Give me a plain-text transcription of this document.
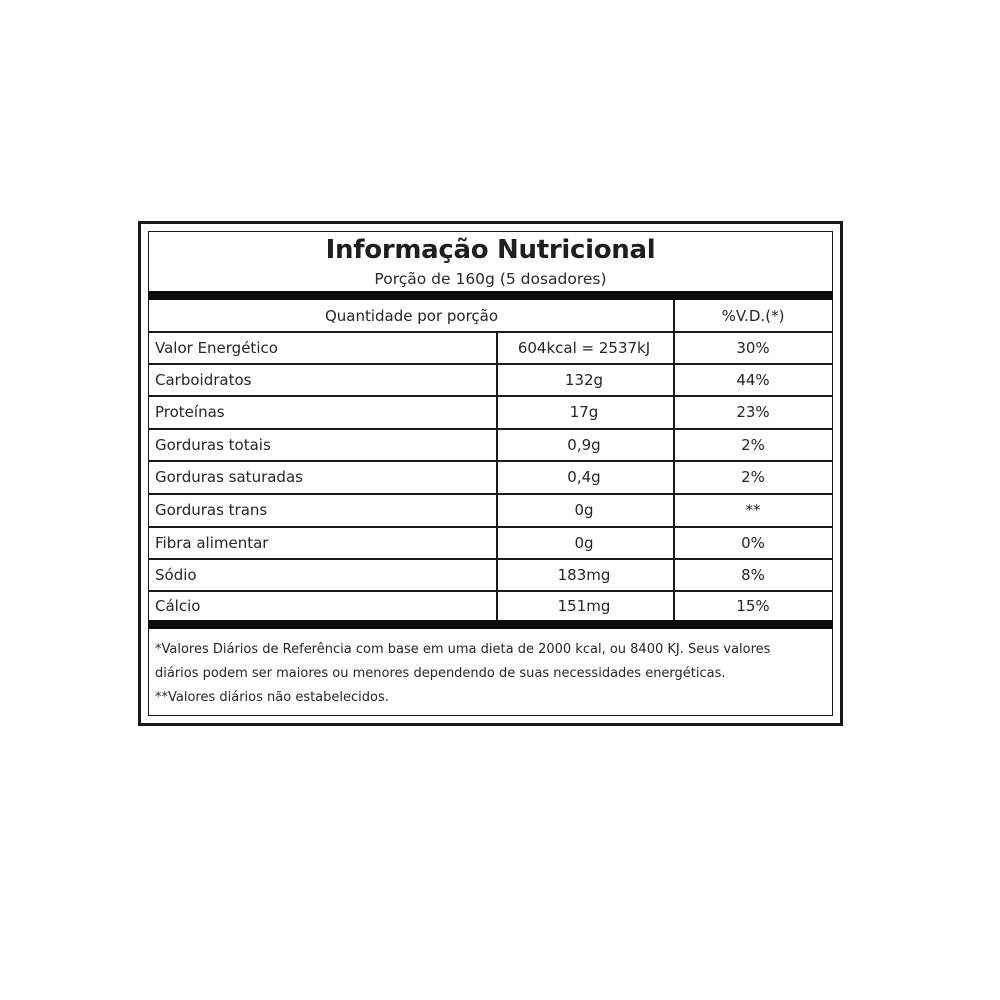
Informação Nutricional
Porção de 160g (5 dosadores)
Quantidade por porção	%V.D.(*)
Valor Energético	604kcal = 2537kJ	30%
Carboidratos	132g	44%
Proteínas	17g	23%
Gorduras totais	0,9g	2%
Gorduras saturadas	0,4g	2%
Gorduras trans	0g	**
Fibra alimentar	0g	0%
Sódio	183mg	8%
Cálcio	151mg	15%
*Valores Diários de Referência com base em uma dieta de 2000 kcal, ou 8400 KJ. Seus valores
diários podem ser maiores ou menores dependendo de suas necessidades energéticas.
**Valores diários não estabelecidos.
